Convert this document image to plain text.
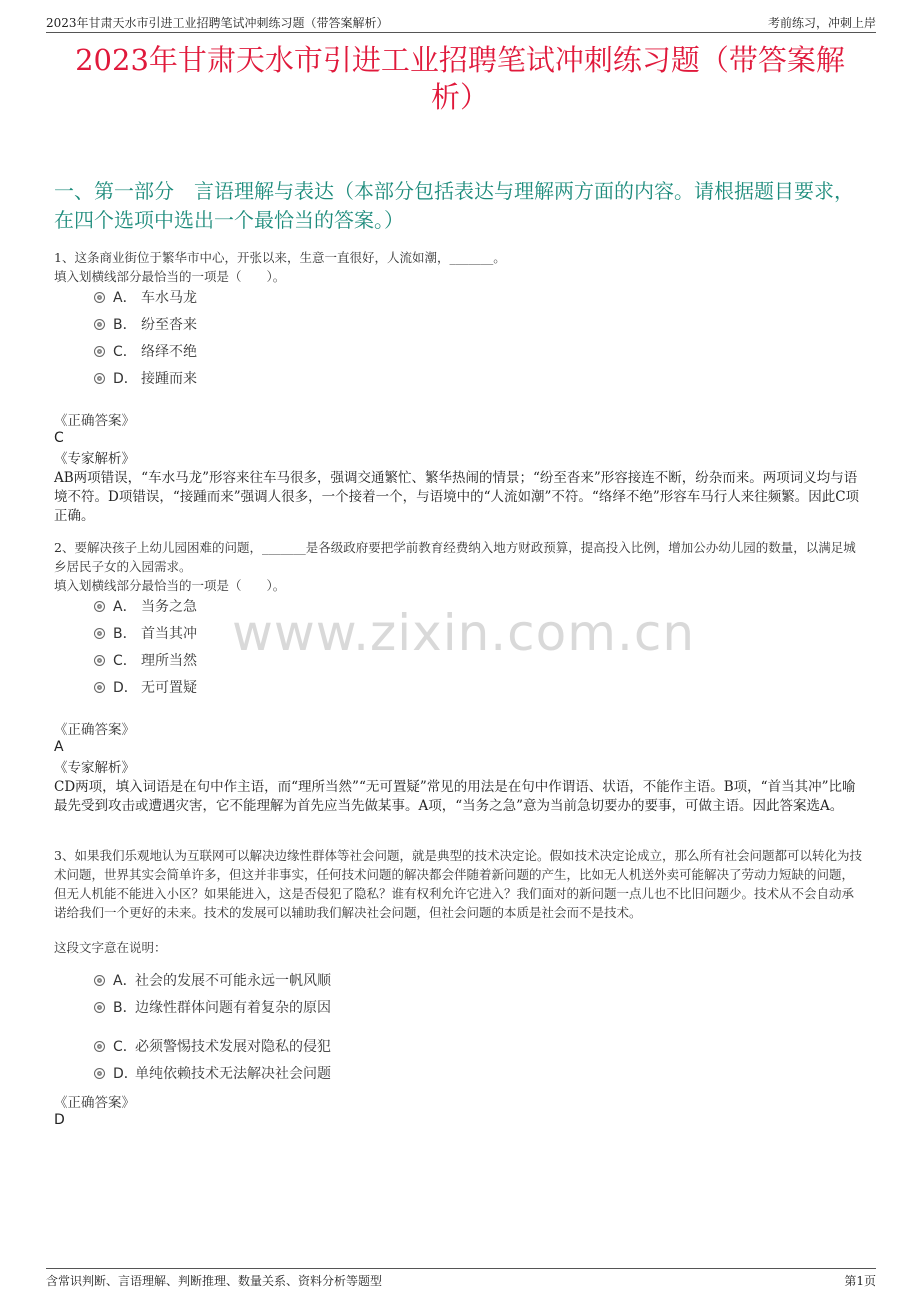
2023年甘肃天水市引进工业招聘笔试冲刺练习题（带答案解析）	考前练习，冲刺上岸
2023年甘肃天水市引进工业招聘笔试冲刺练习题（带答案解析）
一、第一部分　言语理解与表达（本部分包括表达与理解两方面的内容。请根据题目要求，在四个选项中选出一个最恰当的答案。）

1、这条商业街位于繁华市中心，开张以来，生意一直很好，人流如潮，_______。

填入划横线部分最恰当的一项是（　　）。

A． 车水马龙
B． 纷至沓来
C． 络绎不绝
D． 接踵而来
《正确答案》
C

《专家解析》

AB两项错误，“车水马龙”形容来往车马很多，强调交通繁忙、繁华热闹的情景；“纷至沓来”形容接连不断，纷杂而来。两项词义均与语境不符。D项错误，“接踵而来”强调人很多，一个接着一个，与语境中的“人流如潮”不符。“络绎不绝”形容车马行人来往频繁。因此C项正确。

2、要解决孩子上幼儿园困难的问题，_______是各级政府要把学前教育经费纳入地方财政预算，提高投入比例，增加公办幼儿园的数量，以满足城乡居民子女的入园需求。

填入划横线部分最恰当的一项是（　　）。

A． 当务之急
B． 首当其冲
C． 理所当然
D． 无可置疑
www.zixin.com.cn
《正确答案》
A

《专家解析》

CD两项，填入词语是在句中作主语，而“理所当然”“无可置疑”常见的用法是在句中作谓语、状语，不能作主语。B项，“首当其冲”比喻最先受到攻击或遭遇灾害，它不能理解为首先应当先做某事。A项，“当务之急”意为当前急切要办的要事，可做主语。因此答案选A。

3、如果我们乐观地认为互联网可以解决边缘性群体等社会问题，就是典型的技术决定论。假如技术决定论成立，那么所有社会问题都可以转化为技术问题，世界其实会简单许多，但这并非事实，任何技术问题的解决都会伴随着新问题的产生，比如无人机送外卖可能解决了劳动力短缺的问题，但无人机能不能进入小区？如果能进入，这是否侵犯了隐私？谁有权利允许它进入？我们面对的新问题一点儿也不比旧问题少。技术从不会自动承诺给我们一个更好的未来。技术的发展可以辅助我们解决社会问题，但社会问题的本质是社会而不是技术。

这段文字意在说明：

A．社会的发展不可能永远一帆风顺
B．边缘性群体问题有着复杂的原因
C．必须警惕技术发展对隐私的侵犯
D．单纯依赖技术无法解决社会问题
《正确答案》
D
含常识判断、言语理解、判断推理、数量关系、资料分析等题型	第1页
